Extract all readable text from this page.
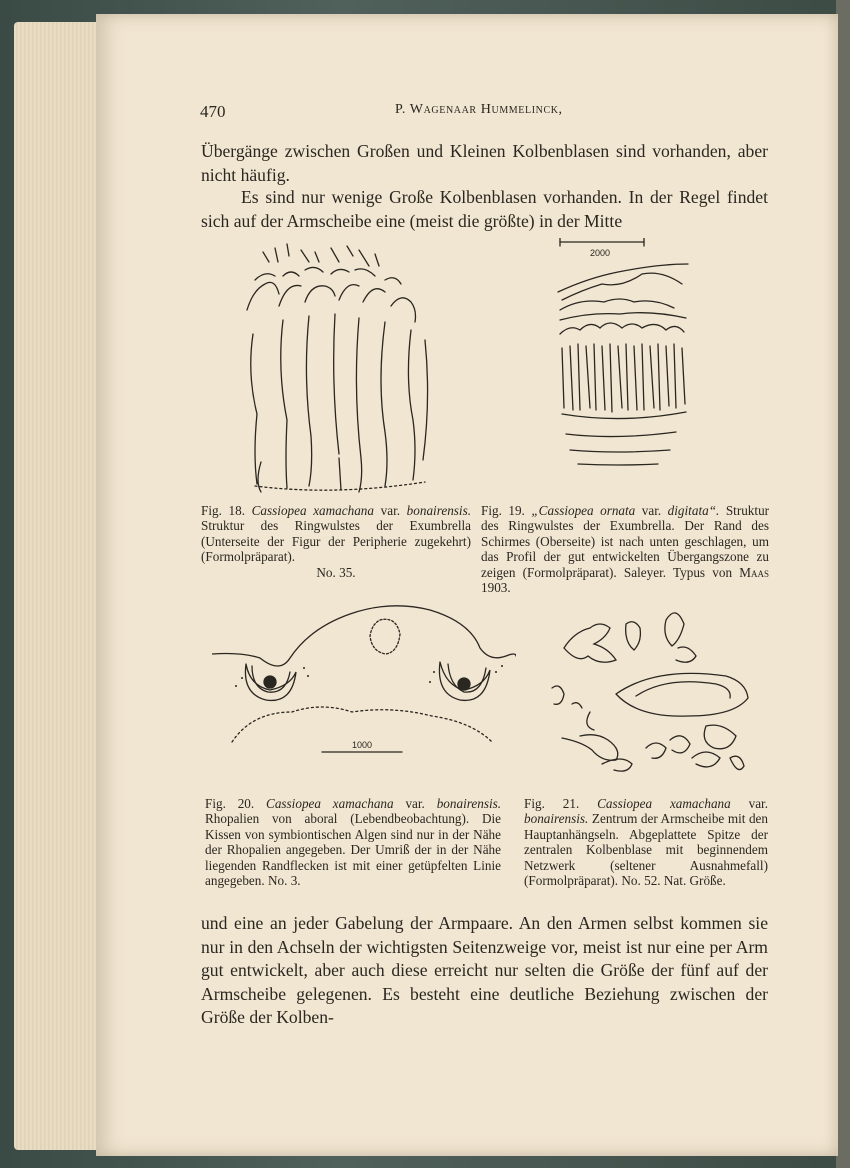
470	P. Wagenaar Hummelinck,

Übergänge zwischen Großen und Kleinen Kolbenblasen sind vorhanden, aber nicht häufig.

Es sind nur wenige Große Kolbenblasen vorhanden. In der Regel findet sich auf der Armscheibe eine (meist die größte) in der Mitte

2000

Fig. 18. Cassiopea xamachana var. bonairensis. Struktur des Ringwulstes der Exumbrella (Unterseite der Figur der Peripherie zugekehrt) (Formolpräparat).
No. 35.

Fig. 19. „Cassiopea ornata var. digitata“. Struktur des Ringwulstes der Exumbrella. Der Rand des Schirmes (Oberseite) ist nach unten geschlagen, um das Profil der gut entwickelten Übergangszone zu zeigen (Formolpräparat). Saleyer. Typus von Maas 1903.

1000

Fig. 20. Cassiopea xamachana var. bonairensis. Rhopalien von aboral (Lebendbeobachtung). Die Kissen von symbiontischen Algen sind nur in der Nähe der Rhopalien angegeben. Der Umriß der in der Nähe liegenden Randflecken ist mit einer getüpfelten Linie angegeben. No. 3.

Fig. 21. Cassiopea xamachana var. bonairensis. Zentrum der Armscheibe mit den Hauptanhängseln. Abgeplattete Spitze der zentralen Kolbenblase mit beginnendem Netzwerk (seltener Ausnahmefall) (Formolpräparat). No. 52. Nat. Größe.

und eine an jeder Gabelung der Armpaare. An den Armen selbst kommen sie nur in den Achseln der wichtigsten Seitenzweige vor, meist ist nur eine per Arm gut entwickelt, aber auch diese erreicht nur selten die Größe der fünf auf der Armscheibe gelegenen. Es besteht eine deutliche Beziehung zwischen der Größe der Kolben-
